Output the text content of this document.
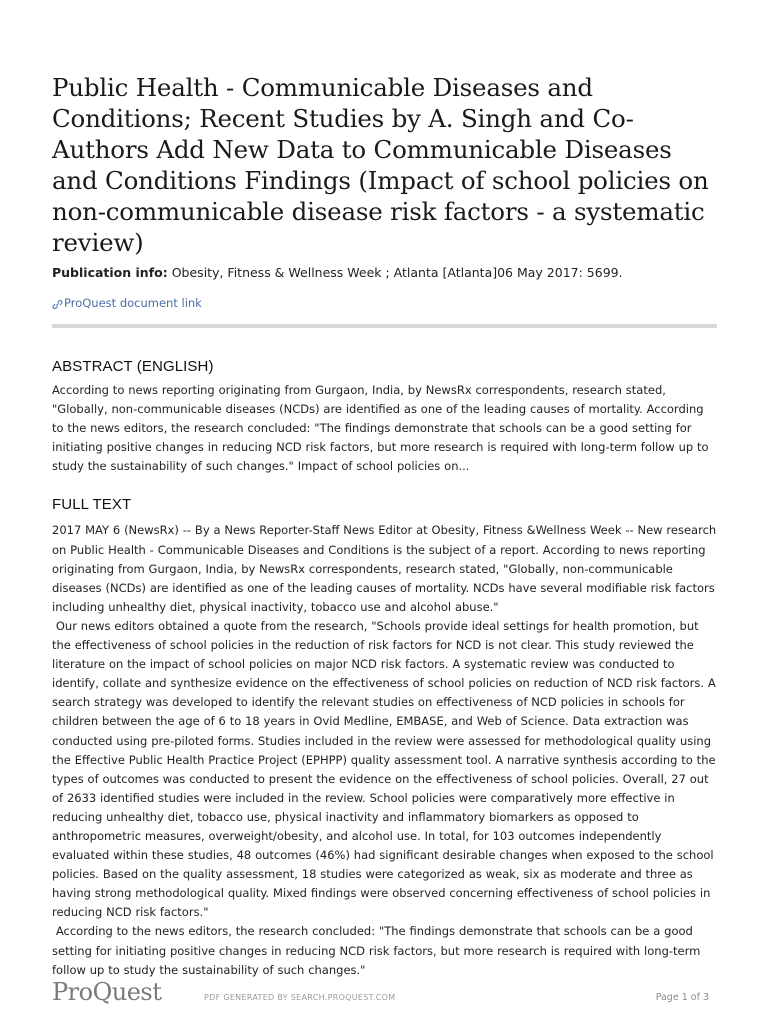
Public Health - Communicable Diseases and Conditions; Recent Studies by A. Singh and Co-Authors Add New Data to Communicable Diseases and Conditions Findings (Impact of school policies on non-communicable disease risk factors - a systematic review)
Publication info: Obesity, Fitness & Wellness Week ; Atlanta [Atlanta]06 May 2017: 5699.
ProQuest document link
ABSTRACT (ENGLISH)

According to news reporting originating from Gurgaon, India, by NewsRx correspondents, research stated, "Globally, non-communicable diseases (NCDs) are identified as one of the leading causes of mortality. According to the news editors, the research concluded: "The findings demonstrate that schools can be a good setting for initiating positive changes in reducing NCD risk factors, but more research is required with long-term follow up to study the sustainability of such changes." Impact of school policies on...

FULL TEXT

2017 MAY 6 (NewsRx) -- By a News Reporter-Staff News Editor at Obesity, Fitness &Wellness Week -- New research on Public Health - Communicable Diseases and Conditions is the subject of a report. According to news reporting originating from Gurgaon, India, by NewsRx correspondents, research stated, "Globally, non-communicable diseases (NCDs) are identified as one of the leading causes of mortality. NCDs have several modifiable risk factors including unhealthy diet, physical inactivity, tobacco use and alcohol abuse."

Our news editors obtained a quote from the research, "Schools provide ideal settings for health promotion, but the effectiveness of school policies in the reduction of risk factors for NCD is not clear. This study reviewed the literature on the impact of school policies on major NCD risk factors. A systematic review was conducted to identify, collate and synthesize evidence on the effectiveness of school policies on reduction of NCD risk factors. A search strategy was developed to identify the relevant studies on effectiveness of NCD policies in schools for children between the age of 6 to 18 years in Ovid Medline, EMBASE, and Web of Science. Data extraction was conducted using pre-piloted forms. Studies included in the review were assessed for methodological quality using the Effective Public Health Practice Project (EPHPP) quality assessment tool. A narrative synthesis according to the types of outcomes was conducted to present the evidence on the effectiveness of school policies. Overall, 27 out of 2633 identified studies were included in the review. School policies were comparatively more effective in reducing unhealthy diet, tobacco use, physical inactivity and inflammatory biomarkers as opposed to anthropometric measures, overweight/obesity, and alcohol use. In total, for 103 outcomes independently evaluated within these studies, 48 outcomes (46%) had significant desirable changes when exposed to the school policies. Based on the quality assessment, 18 studies were categorized as weak, six as moderate and three as having strong methodological quality. Mixed findings were observed concerning effectiveness of school policies in reducing NCD risk factors."

According to the news editors, the research concluded: "The findings demonstrate that schools can be a good setting for initiating positive changes in reducing NCD risk factors, but more research is required with long-term follow up to study the sustainability of such changes."

ProQuest	PDF GENERATED BY SEARCH.PROQUEST.COM	Page 1 of 3
